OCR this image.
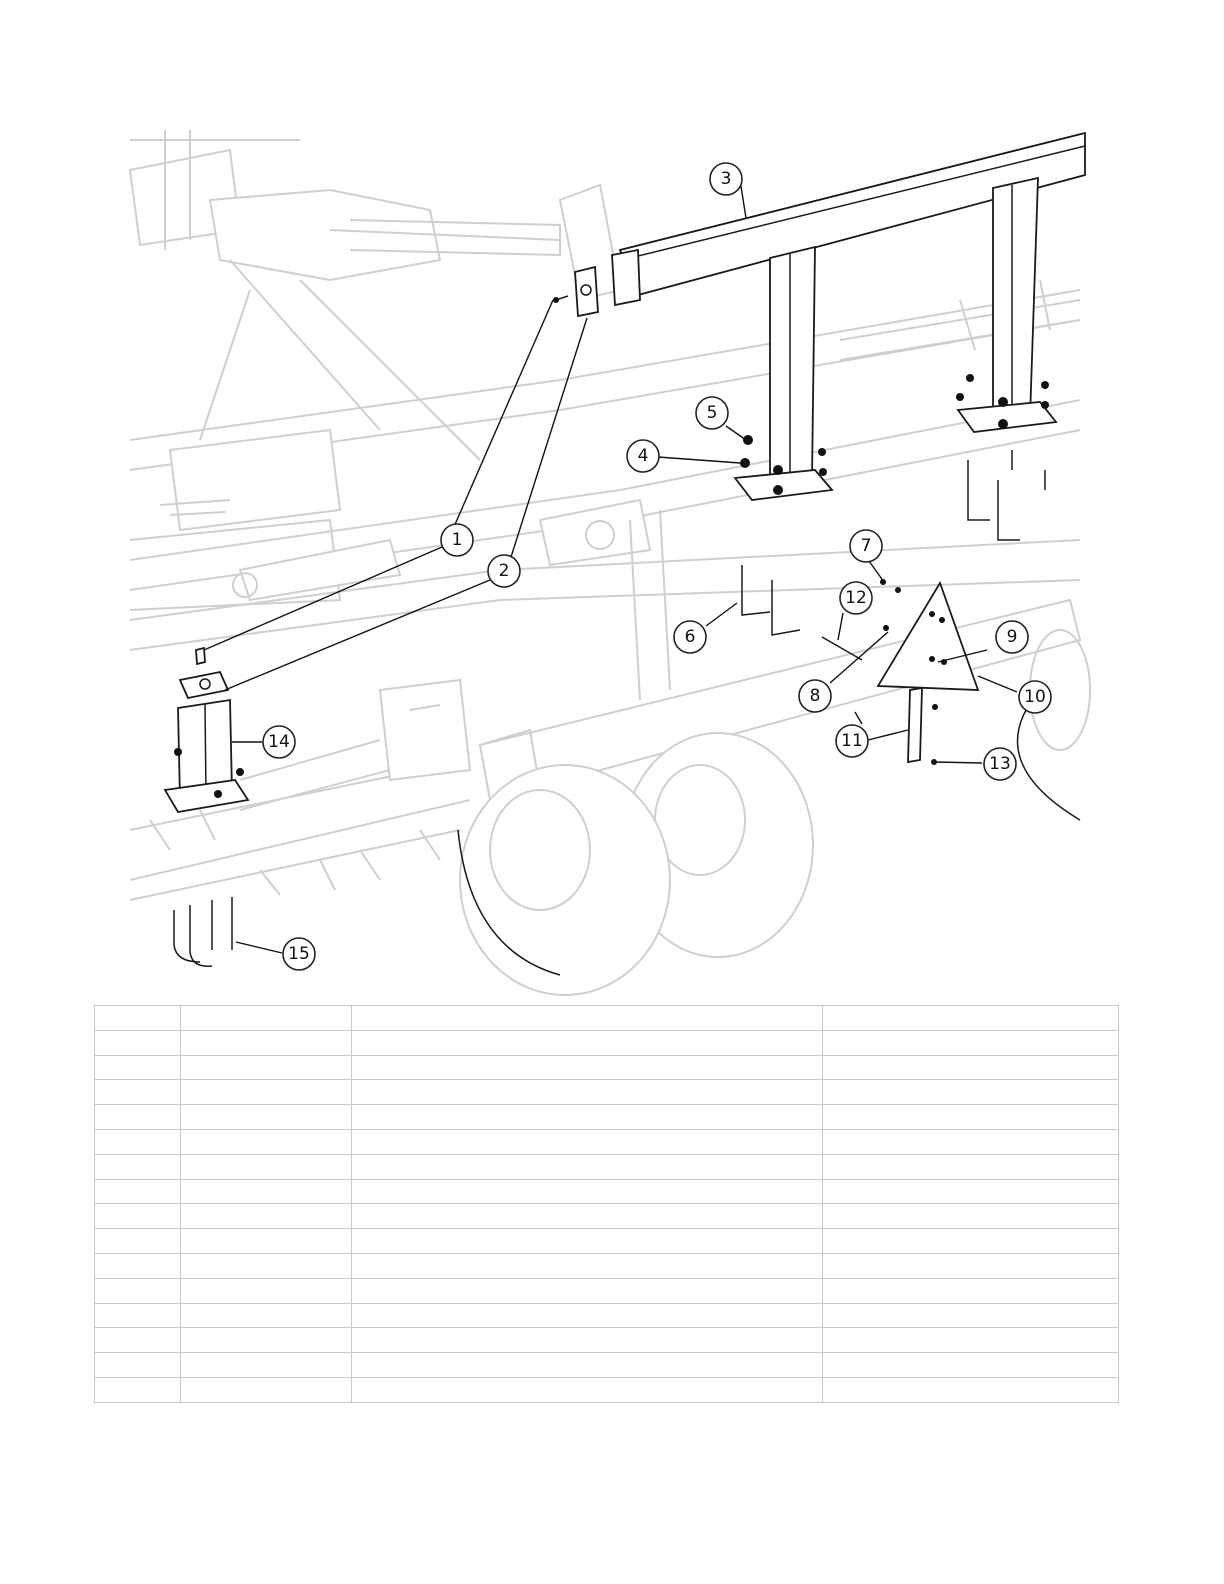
1
2
3
4
5
6
7
8
9
10
11
12
13
14
15
